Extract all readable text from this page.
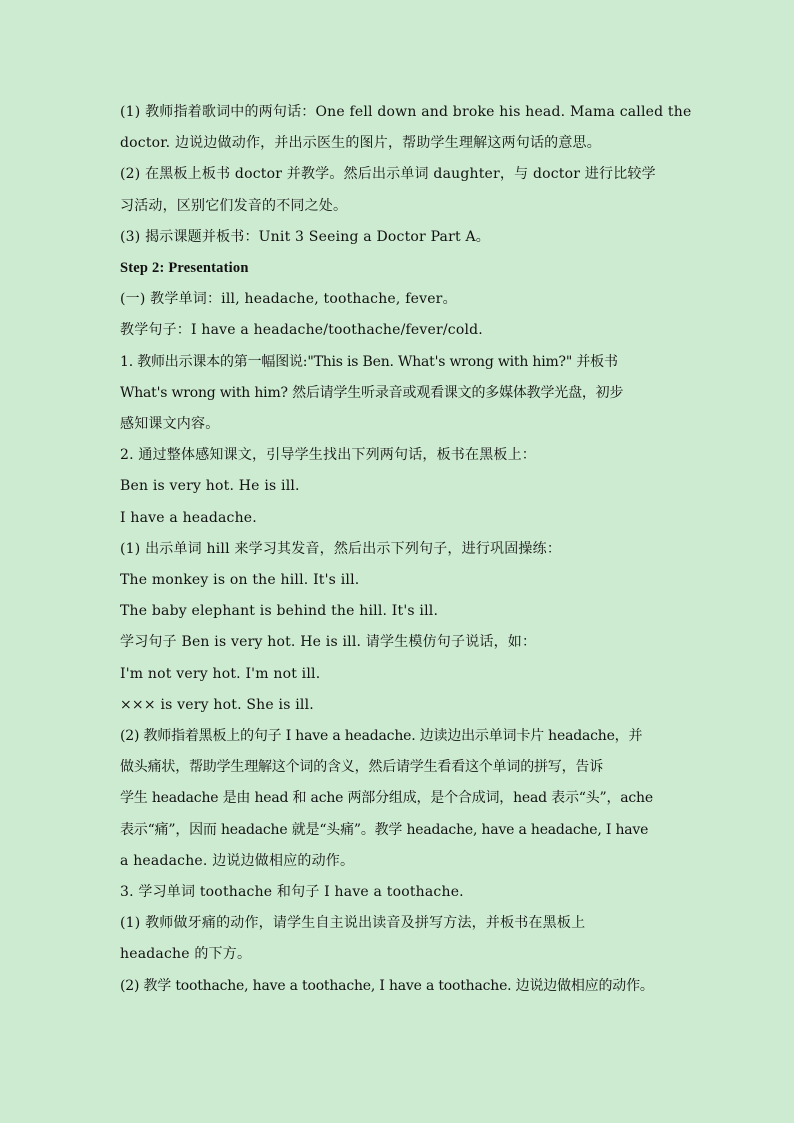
(1) 教师指着歌词中的两句话：One fell down and broke his head. Mama called the
doctor. 边说边做动作，并出示医生的图片，帮助学生理解这两句话的意思。
(2) 在黑板上板书 doctor 并教学。然后出示单词 daughter，与 doctor 进行比较学
习活动，区别它们发音的不同之处。
(3) 揭示课题并板书：Unit 3 Seeing a Doctor Part A。
Step 2: Presentation
(一) 教学单词：ill, headache, toothache, fever。
教学句子：I have a headache/toothache/fever/cold.
1. 教师出示课本的第一幅图说:"This is Ben. What's wrong with him?" 并板书
What's wrong with him? 然后请学生听录音或观看课文的多媒体教学光盘，初步
感知课文内容。
2. 通过整体感知课文，引导学生找出下列两句话，板书在黑板上：
Ben is very hot. He is ill.
I have a headache.
(1) 出示单词 hill 来学习其发音，然后出示下列句子，进行巩固操练：
The monkey is on the hill. It's ill.
The baby elephant is behind the hill. It's ill.
学习句子 Ben is very hot. He is ill. 请学生模仿句子说话，如：
I'm not very hot. I'm not ill.
××× is very hot. She is ill.
(2) 教师指着黑板上的句子 I have a headache. 边读边出示单词卡片 headache，并
做头痛状，帮助学生理解这个词的含义，然后请学生看看这个单词的拼写，告诉
学生 headache 是由 head 和 ache 两部分组成，是个合成词，head 表示“头”，ache
表示“痛”，因而 headache 就是“头痛”。教学 headache, have a headache, I have
a headache. 边说边做相应的动作。
3. 学习单词 toothache 和句子 I have a toothache.
(1) 教师做牙痛的动作，请学生自主说出读音及拼写方法，并板书在黑板上
headache 的下方。
(2) 教学 toothache, have a toothache, I have a toothache. 边说边做相应的动作。
